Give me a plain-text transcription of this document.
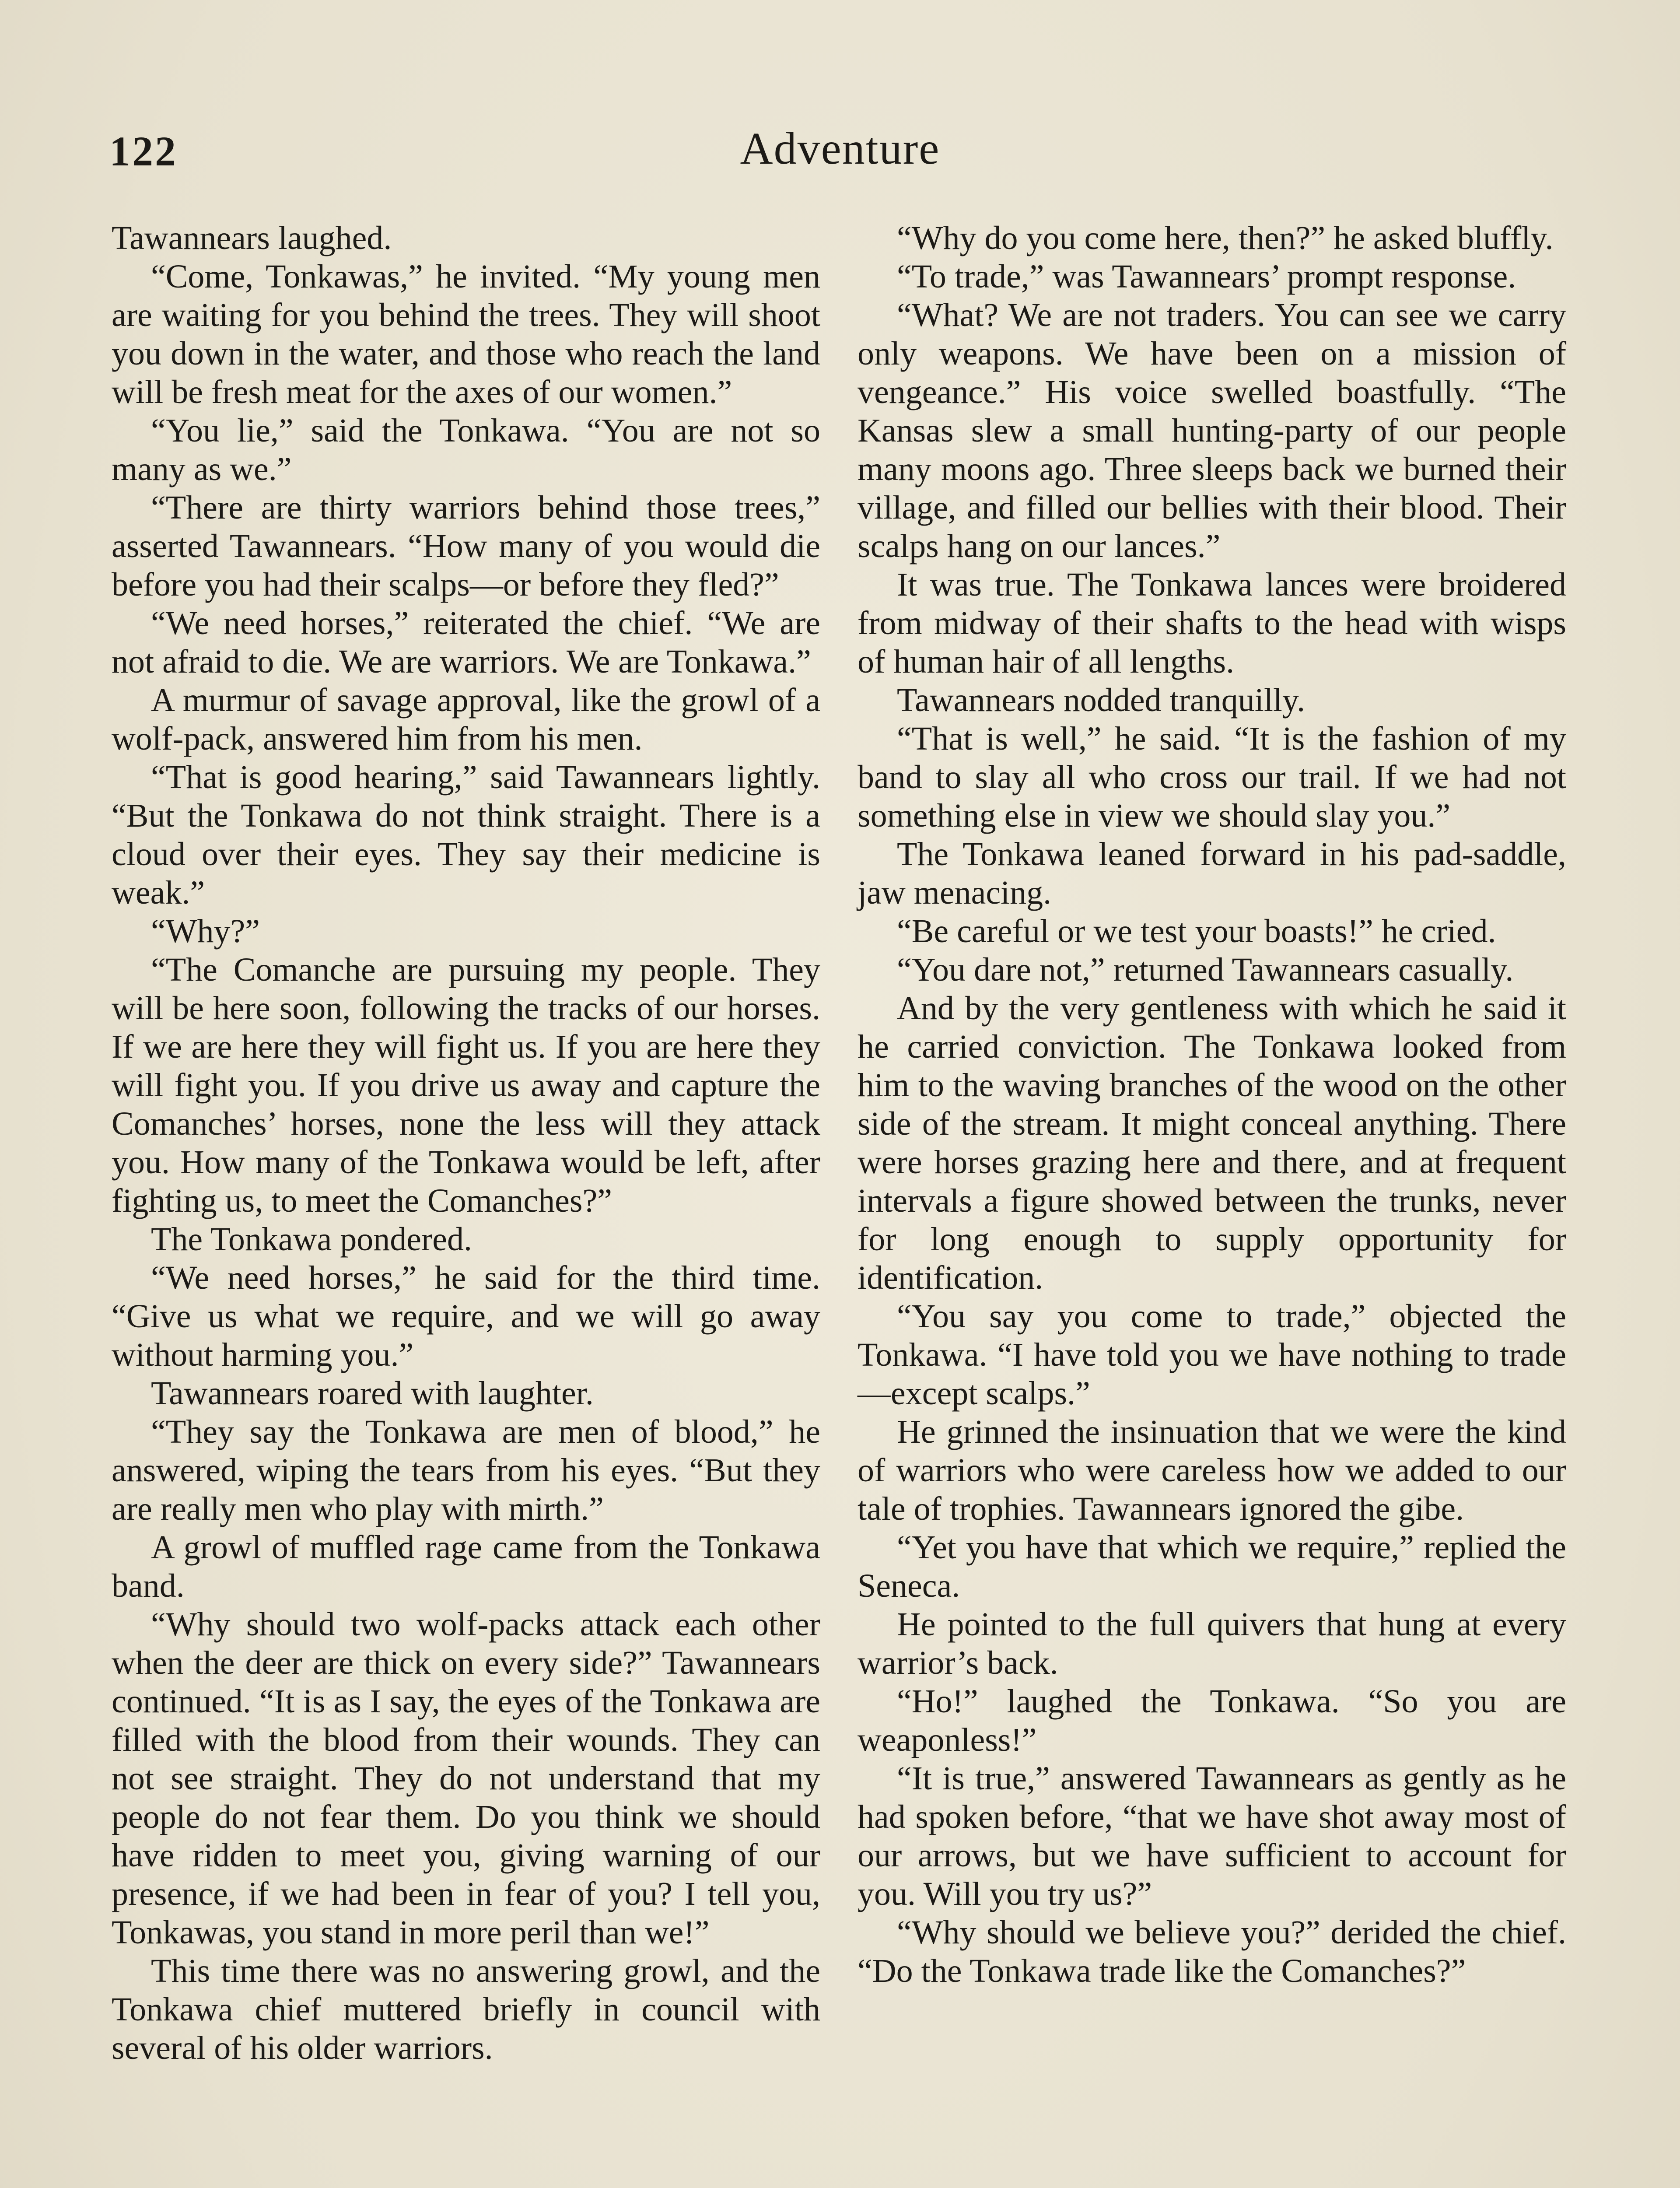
122	Adventure

Tawannears laughed.

“Come, Tonkawas,” he invited. “My young men are waiting for you behind the trees. They will shoot you down in the water, and those who reach the land will be fresh meat for the axes of our women.”

“You lie,” said the Tonkawa. “You are not so many as we.”

“There are thirty warriors behind those trees,” asserted Tawannears. “How many of you would die before you had their scalps—or before they fled?”

“We need horses,” reiterated the chief. “We are not afraid to die. We are warriors. We are Tonkawa.”

A murmur of savage approval, like the growl of a wolf-pack, answered him from his men.

“That is good hearing,” said Tawannears lightly. “But the Tonkawa do not think straight. There is a cloud over their eyes. They say their medicine is weak.”

“Why?”

“The Comanche are pursuing my people. They will be here soon, following the tracks of our horses. If we are here they will fight us. If you are here they will fight you. If you drive us away and capture the Comanches’ horses, none the less will they attack you. How many of the Tonkawa would be left, after fighting us, to meet the Comanches?”

The Tonkawa pondered.

“We need horses,” he said for the third time. “Give us what we require, and we will go away without harming you.”

Tawannears roared with laughter.

“They say the Tonkawa are men of blood,” he answered, wiping the tears from his eyes. “But they are really men who play with mirth.”

A growl of muffled rage came from the Tonkawa band.

“Why should two wolf-packs attack each other when the deer are thick on every side?” Tawannears continued. “It is as I say, the eyes of the Tonkawa are filled with the blood from their wounds. They can not see straight. They do not understand that my people do not fear them. Do you think we should have ridden to meet you, giving warning of our presence, if we had been in fear of you? I tell you, Tonkawas, you stand in more peril than we!”

This time there was no answering growl, and the Tonkawa chief muttered briefly in council with several of his older warriors.

“Why do you come here, then?” he asked bluffly.

“To trade,” was Tawannears’ prompt response.

“What? We are not traders. You can see we carry only weapons. We have been on a mission of vengeance.” His voice swelled boastfully. “The Kansas slew a small hunting-party of our people many moons ago. Three sleeps back we burned their village, and filled our bellies with their blood. Their scalps hang on our lances.”

It was true. The Tonkawa lances were broidered from midway of their shafts to the head with wisps of human hair of all lengths.

Tawannears nodded tranquilly.

“That is well,” he said. “It is the fashion of my band to slay all who cross our trail. If we had not something else in view we should slay you.”

The Tonkawa leaned forward in his pad-saddle, jaw menacing.

“Be careful or we test your boasts!” he cried.

“You dare not,” returned Tawannears casually.

And by the very gentleness with which he said it he carried conviction. The Tonkawa looked from him to the waving branches of the wood on the other side of the stream. It might conceal anything. There were horses grazing here and there, and at frequent intervals a figure showed between the trunks, never for long enough to supply opportunity for identification.

“You say you come to trade,” objected the Tonkawa. “I have told you we have nothing to trade—except scalps.”

He grinned the insinuation that we were the kind of warriors who were careless how we added to our tale of trophies. Tawannears ignored the gibe.

“Yet you have that which we require,” replied the Seneca.

He pointed to the full quivers that hung at every warrior’s back.

“Ho!” laughed the Tonkawa. “So you are weaponless!”

“It is true,” answered Tawannears as gently as he had spoken before, “that we have shot away most of our arrows, but we have sufficient to account for you. Will you try us?”

“Why should we believe you?” derided the chief. “Do the Tonkawa trade like the Comanches?”
